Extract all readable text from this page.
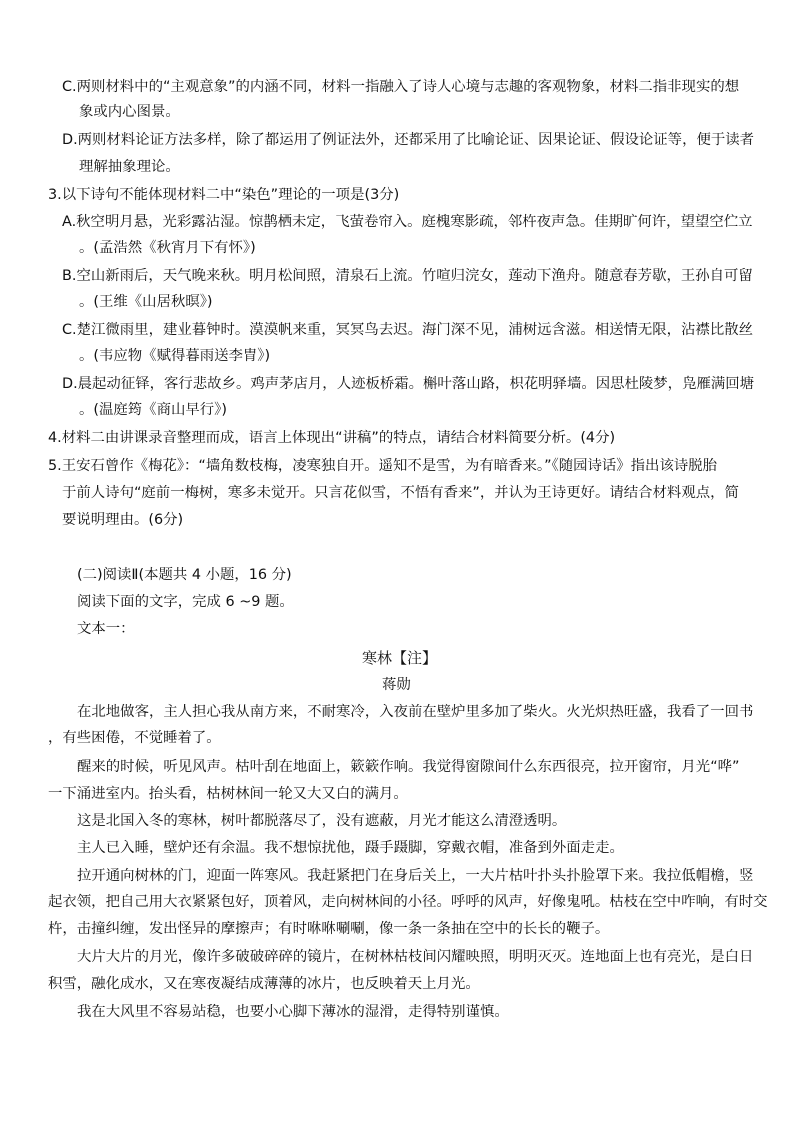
C.两则材料中的“主观意象”的内涵不同，材料一指融入了诗人心境与志趣的客观物象，材料二指非现实的想
象或内心图景。
D.两则材料论证方法多样，除了都运用了例证法外，还都采用了比喻论证、因果论证、假设论证等，便于读者
理解抽象理论。
3.以下诗句不能体现材料二中“染色”理论的一项是(3分)
A.秋空明月悬，光彩露沾湿。惊鹊栖未定，飞萤卷帘入。庭槐寒影疏，邻杵夜声急。佳期旷何许，望望空伫立
。(孟浩然《秋宵月下有怀》)
B.空山新雨后，天气晚来秋。明月松间照，清泉石上流。竹喧归浣女，莲动下渔舟。随意春芳歇，王孙自可留
。(王维《山居秋暝》)
C.楚江微雨里，建业暮钟时。漠漠帆来重，冥冥鸟去迟。海门深不见，浦树远含滋。相送情无限，沾襟比散丝
。(韦应物《赋得暮雨送李胄》)
D.晨起动征铎，客行悲故乡。鸡声茅店月，人迹板桥霜。槲叶落山路，枳花明驿墙。因思杜陵梦，凫雁满回塘
。(温庭筠《商山早行》)
4.材料二由讲课录音整理而成，语言上体现出“讲稿”的特点，请结合材料简要分析。(4分)
5.王安石曾作《梅花》：“墙角数枝梅，凌寒独自开。遥知不是雪，为有暗香来。”《随园诗话》指出该诗脱胎
于前人诗句“庭前一梅树，寒多未觉开。只言花似雪，不悟有香来”，并认为王诗更好。请结合材料观点，简
要说明理由。(6分)
(二)阅读Ⅱ(本题共 4 小题，16 分)
阅读下面的文字，完成 6 ~9 题。
文本一：
寒林【注】
蒋勋
在北地做客，主人担心我从南方来，不耐寒冷，入夜前在壁炉里多加了柴火。火光炽热旺盛，我看了一回书
，有些困倦，不觉睡着了。
醒来的时候，听见风声。枯叶刮在地面上，簌簌作响。我觉得窗隙间什么东西很亮，拉开窗帘，月光“哗”
一下涌进室内。抬头看，枯树林间一轮又大又白的满月。
这是北国入冬的寒林，树叶都脱落尽了，没有遮蔽，月光才能这么清澄透明。
主人已入睡，壁炉还有余温。我不想惊扰他，蹑手蹑脚，穿戴衣帽，准备到外面走走。
拉开通向树林的门，迎面一阵寒风。我赶紧把门在身后关上，一大片枯叶扑头扑脸罩下来。我拉低帽檐，竖
起衣领，把自己用大衣紧紧包好，顶着风，走向树林间的小径。呼呼的风声，好像鬼吼。枯枝在空中咋响，有时交
杵，击撞纠缠，发出怪异的摩擦声；有时咻咻唰唰，像一条一条抽在空中的长长的鞭子。
大片大片的月光，像许多破破碎碎的镜片，在树林枯枝间闪耀映照，明明灭灭。连地面上也有亮光，是白日
积雪，融化成水，又在寒夜凝结成薄薄的冰片，也反映着天上月光。
我在大风里不容易站稳，也要小心脚下薄冰的湿滑，走得特别谨慎。
